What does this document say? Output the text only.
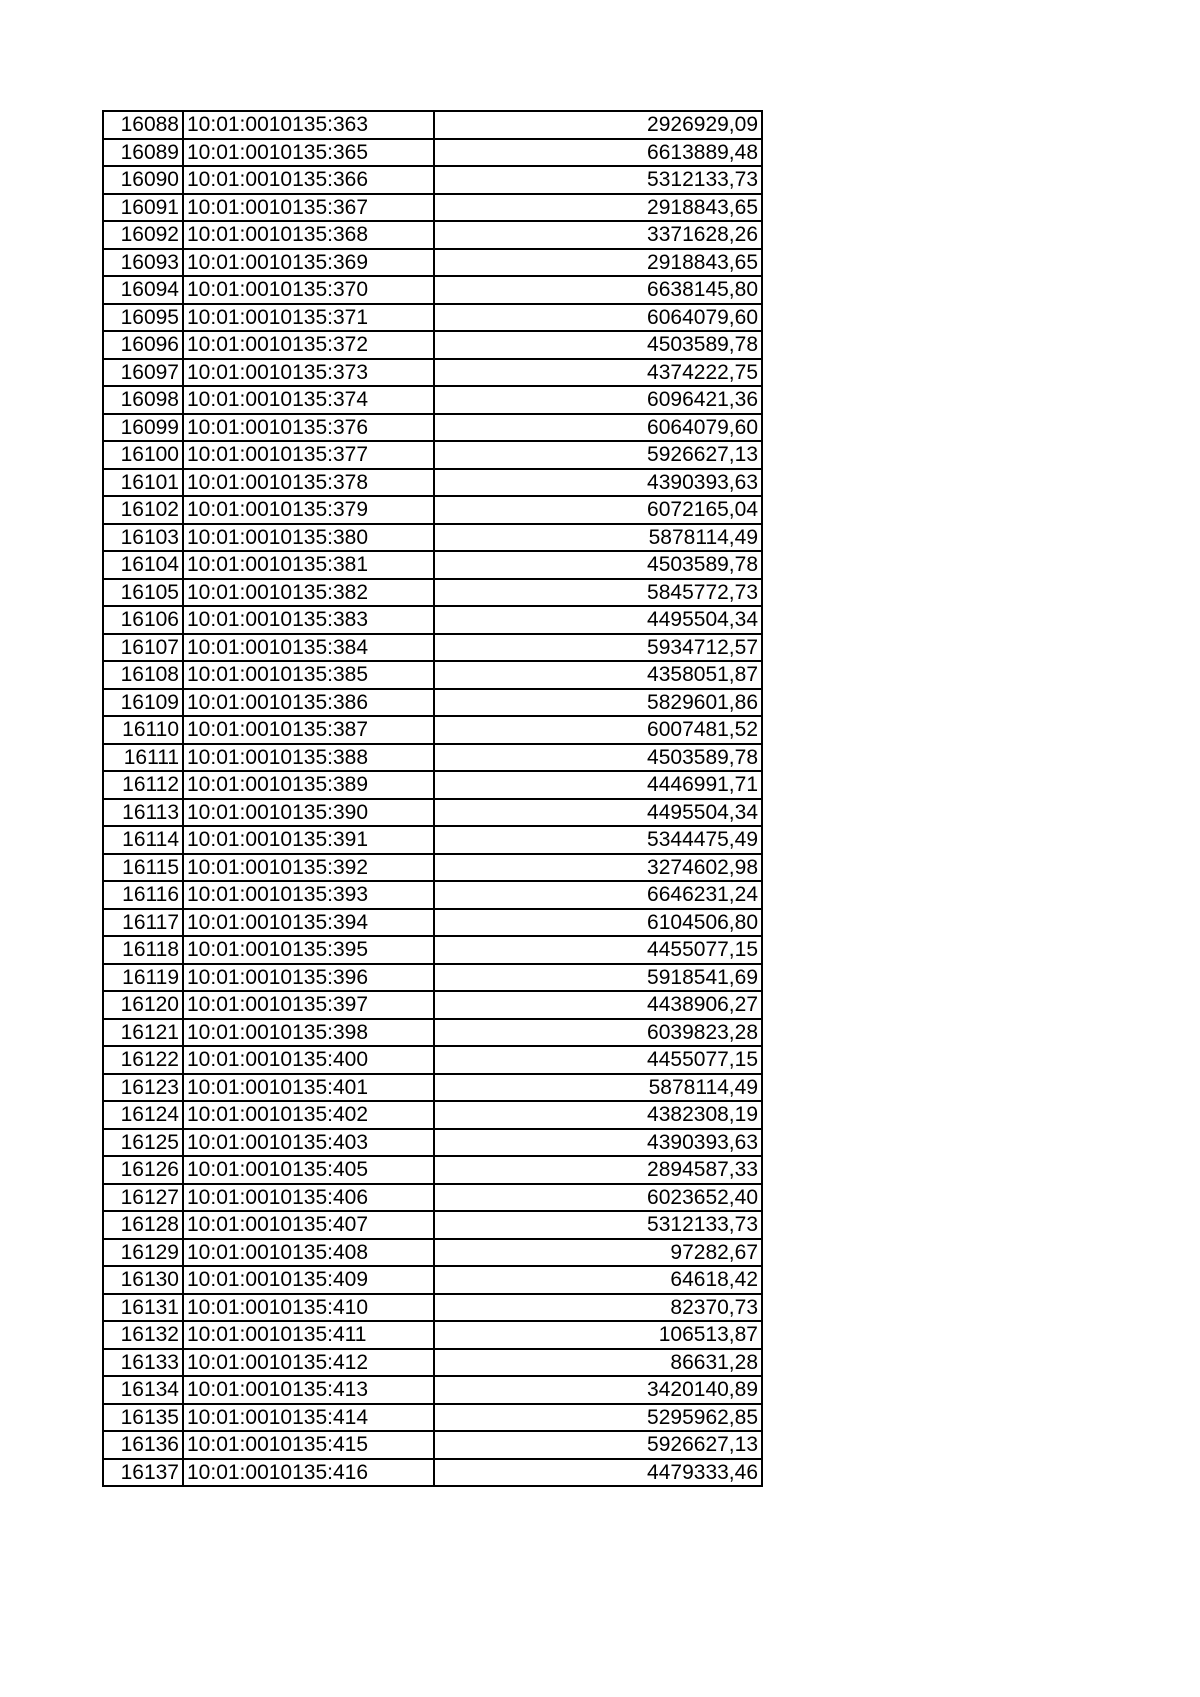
16088	10:01:0010135:363	2926929,09
16089	10:01:0010135:365	6613889,48
16090	10:01:0010135:366	5312133,73
16091	10:01:0010135:367	2918843,65
16092	10:01:0010135:368	3371628,26
16093	10:01:0010135:369	2918843,65
16094	10:01:0010135:370	6638145,80
16095	10:01:0010135:371	6064079,60
16096	10:01:0010135:372	4503589,78
16097	10:01:0010135:373	4374222,75
16098	10:01:0010135:374	6096421,36
16099	10:01:0010135:376	6064079,60
16100	10:01:0010135:377	5926627,13
16101	10:01:0010135:378	4390393,63
16102	10:01:0010135:379	6072165,04
16103	10:01:0010135:380	5878114,49
16104	10:01:0010135:381	4503589,78
16105	10:01:0010135:382	5845772,73
16106	10:01:0010135:383	4495504,34
16107	10:01:0010135:384	5934712,57
16108	10:01:0010135:385	4358051,87
16109	10:01:0010135:386	5829601,86
16110	10:01:0010135:387	6007481,52
16111	10:01:0010135:388	4503589,78
16112	10:01:0010135:389	4446991,71
16113	10:01:0010135:390	4495504,34
16114	10:01:0010135:391	5344475,49
16115	10:01:0010135:392	3274602,98
16116	10:01:0010135:393	6646231,24
16117	10:01:0010135:394	6104506,80
16118	10:01:0010135:395	4455077,15
16119	10:01:0010135:396	5918541,69
16120	10:01:0010135:397	4438906,27
16121	10:01:0010135:398	6039823,28
16122	10:01:0010135:400	4455077,15
16123	10:01:0010135:401	5878114,49
16124	10:01:0010135:402	4382308,19
16125	10:01:0010135:403	4390393,63
16126	10:01:0010135:405	2894587,33
16127	10:01:0010135:406	6023652,40
16128	10:01:0010135:407	5312133,73
16129	10:01:0010135:408	97282,67
16130	10:01:0010135:409	64618,42
16131	10:01:0010135:410	82370,73
16132	10:01:0010135:411	106513,87
16133	10:01:0010135:412	86631,28
16134	10:01:0010135:413	3420140,89
16135	10:01:0010135:414	5295962,85
16136	10:01:0010135:415	5926627,13
16137	10:01:0010135:416	4479333,46
